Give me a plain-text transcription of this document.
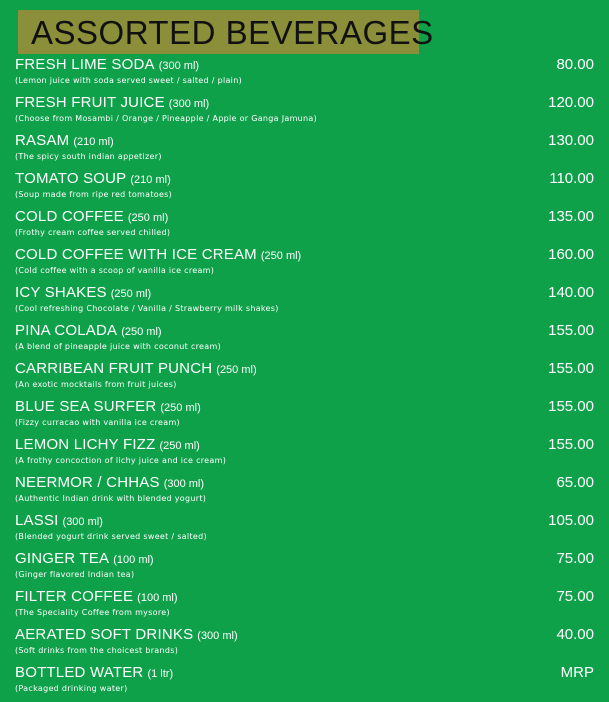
ASSORTED BEVERAGES
FRESH LIME SODA (300 ml)
(Lemon juice with soda served sweet / salted / plain)
80.00
FRESH FRUIT JUICE (300 ml)
(Choose from Mosambi / Orange / Pineapple / Apple or Ganga Jamuna)
120.00
RASAM (210 ml)
(The spicy south indian appetizer)
130.00
TOMATO SOUP (210 ml)
(Soup made from ripe red tomatoes)
110.00
COLD COFFEE (250 ml)
(Frothy cream coffee served chilled)
135.00
COLD COFFEE WITH ICE CREAM (250 ml)
(Cold coffee with a scoop of vanilla ice cream)
160.00
ICY SHAKES (250 ml)
(Cool refreshing Chocolate / Vanilla / Strawberry milk shakes)
140.00
PINA COLADA (250 ml)
(A blend of pineapple juice with coconut cream)
155.00
CARRIBEAN FRUIT PUNCH (250 ml)
(An exotic mocktails from fruit juices)
155.00
BLUE SEA SURFER (250 ml)
(Fizzy curracao with vanilla ice cream)
155.00
LEMON LICHY FIZZ (250 ml)
(A frothy concoction of lichy juice and ice cream)
155.00
NEERMOR / CHHAS (300 ml)
(Authentic Indian drink with blended yogurt)
65.00
LASSI (300 ml)
(Blended yogurt drink served sweet / salted)
105.00
GINGER TEA (100 ml)
(Ginger flavored Indian tea)
75.00
FILTER COFFEE (100 ml)
(The Speciality Coffee from mysore)
75.00
AERATED SOFT DRINKS (300 ml)
(Soft drinks from the choicest brands)
40.00
BOTTLED WATER (1 ltr)
(Packaged drinking water)
MRP
